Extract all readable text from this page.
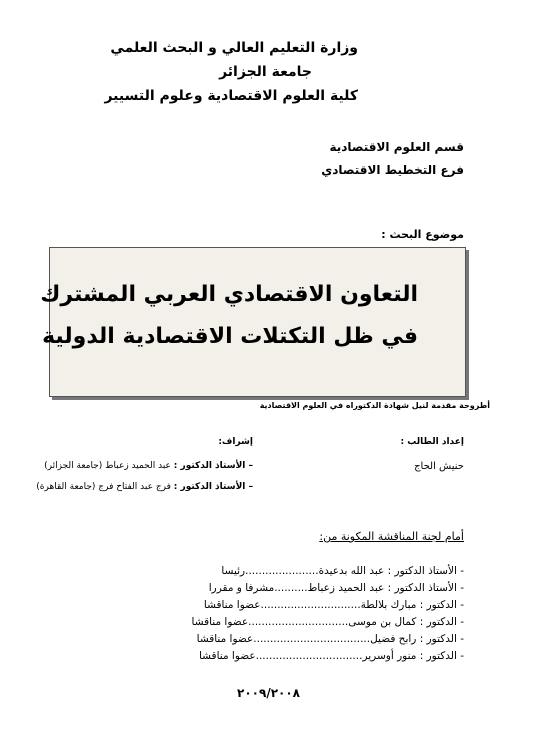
وزارة التعليم العالي و البحث العلمي
جامعة الجزائر
كلية العلوم الاقتصادية وعلوم التسيير
قسم العلوم الاقتصادية
فرع التخطيط الاقتصادي
موضوع البحث :
التعاون الاقتصادي العربي المشترك
في ظل التكتلات الاقتصادية الدولية
أطروحة مقدمة لنيل شهادة الدكتوراه في العلوم الاقتصادية
إعداد الطالب :
حنيش الحاج
إشراف:
– الأستاذ الدكتور : عبد الحميد زعباط (جامعة الجزائر)
– الأستاذ الدكتور : فرج عبد الفتاح فرج (جامعة القاهرة)
أمام لجنة المناقشة المكونة من:
- الأستاذ الدكتور : عبد الله بدعيدة......................رئيسا
- الأستاذ الدكتور : عبد الحميد زعباط..........مشرفا و مقررا
- الدكتور : مبارك بلالطة..............................عضوا مناقشا
- الدكتور : كمال بن موسى..............................عضوا مناقشا
- الدكتور : رابح فضيل...................................عضوا مناقشا
- الدكتور : منور أوسرير................................عضوا مناقشا
٢٠٠٩/٢٠٠٨
